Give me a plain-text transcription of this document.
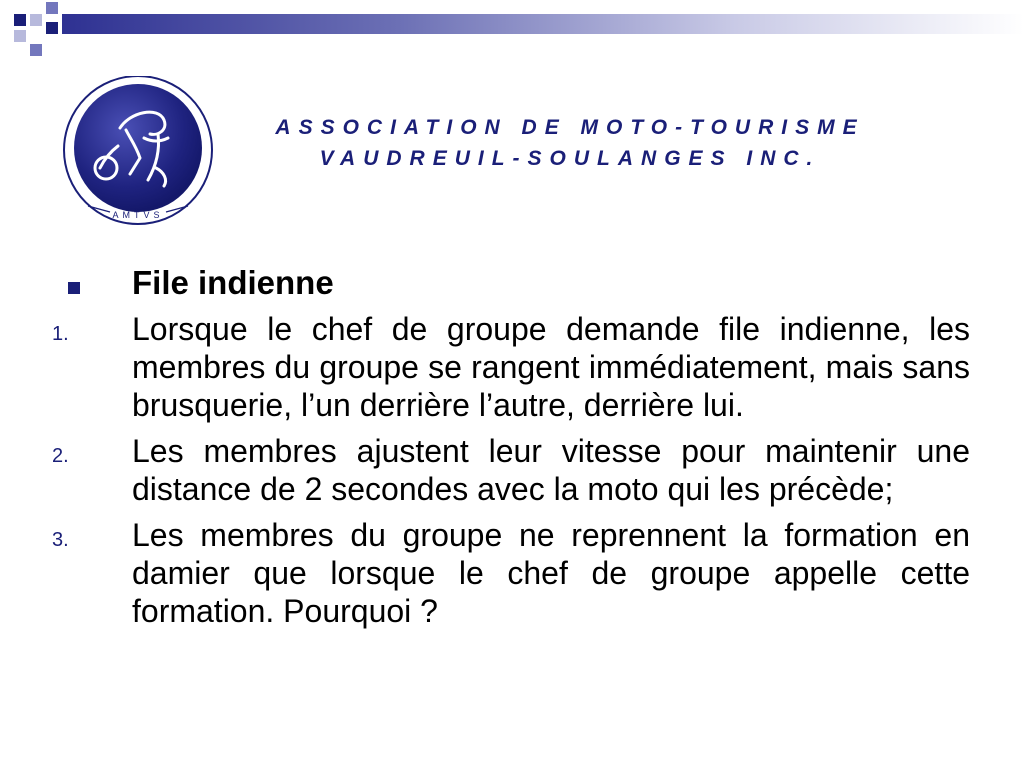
AMTVS
ASSOCIATION DE MOTO-TOURISME
VAUDREUIL-SOULANGES INC.
File indienne
1.	Lorsque le chef de groupe demande file indienne, les membres du groupe se rangent immédiatement, mais sans brusquerie, l’un derrière l’autre, derrière lui.
2.	Les membres ajustent leur vitesse pour maintenir une distance de 2 secondes avec la moto qui les précède;
3.	Les membres du groupe ne reprennent la formation en damier que lorsque le chef de groupe appelle cette formation. Pourquoi ?
